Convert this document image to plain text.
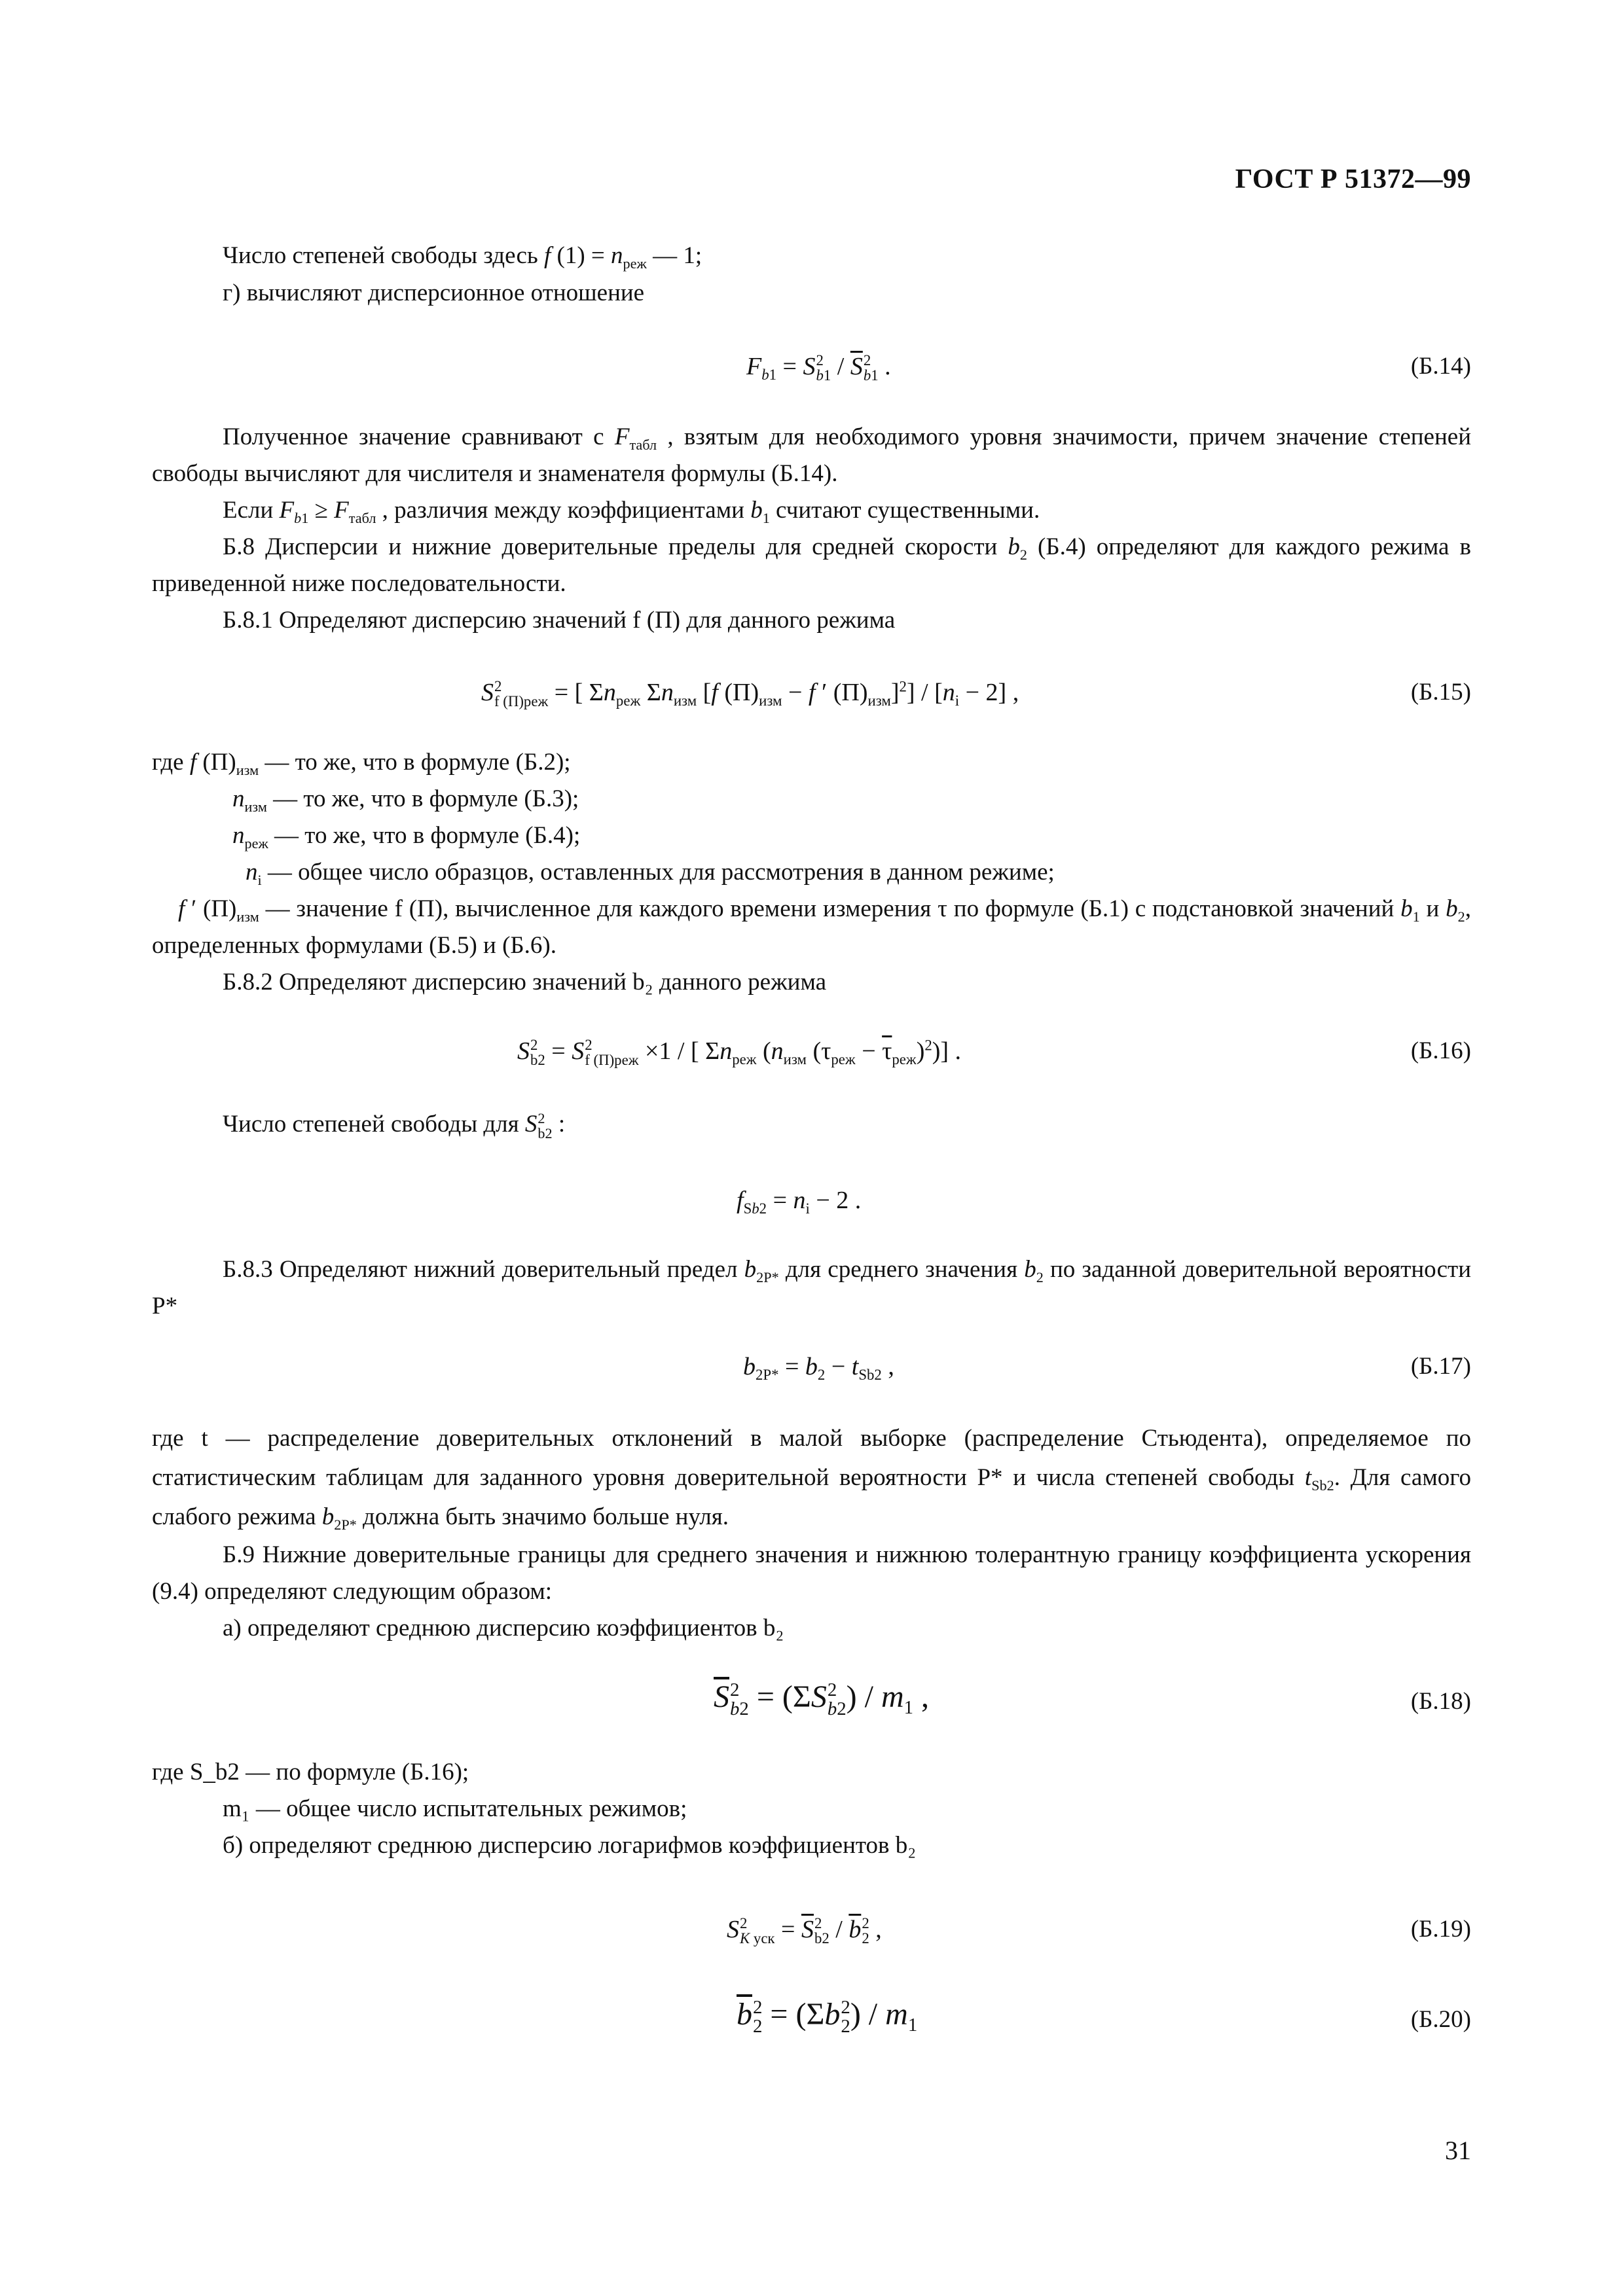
ГОСТ Р 51372—99
Число степеней свободы здесь f $(1) = n_{реж}$ — 1;
г) вычисляют дисперсионное отношение
$F_{b1} = S$ 2
$b1 / \overline{S}$ 2
b1 .	(Б.14)
Полученное значение сравнивают с $F_{табл}$ , взятым для необходимого уровня значимости, причем значение степеней свободы вычисляют для числителя и знаменателя формулы (Б.14).
Если $F_{b1} \ge F_{табл}$ , различия между коэффициентами $b_1$ считают существенными.
Б.8 Дисперсии и нижние доверительные пределы для средней скорости $b_2$ (Б.4) определяют для каждого режима в приведенной ниже последовательности.
Б.8.1 Определяют дисперсию значений f (П) для данного режима
S 2
f (П)реж = [ $\Sigma n_{реж}$ $\Sigma n_{изм}$ [f $(П)_{изм} - f$ ′ $(П)_{изм}]^2] / [n_i - 2]$ ,	(Б.15)
где f $(П)_{изм}$ — то же, что в формуле (Б.2);
$n_{изм}$ — то же, что в формуле (Б.3);
$n_{реж}$ — то же, что в формуле (Б.4);
$n_i$ — общее число образцов, оставленных для рассмотрения в данном режиме;
f ′ $(П)_{изм}$ — значение f (П), вычисленное для каждого времени измерения τ по формуле (Б.1) с подстановкой значений $b_1$ и $b_2$, определенных формулами (Б.5) и (Б.6).
Б.8.2 Определяют дисперсию значений b₂ данного режима
S 2
b2 = S 2
f (П)реж ×1 / [ $\Sigma n_{реж}$ ($n_{изм}$ $(\tau_{реж} - \overline{\tau}_{реж})^2$)] .	(Б.16)
Число степеней свободы для S 2
b2 :
$f_{Sb2} = n_i - 2$ .
Б.8.3 Определяют нижний доверительный предел $b_{2P*}$ для среднего значения $b_2$ по заданной доверительной вероятности P*
$b_{2P*} = b_2 - t_{Sb2}$ ,	(Б.17)
где t — распределение доверительных отклонений в малой выборке (распределение Стьюдента), определяемое по статистическим таблицам для заданного уровня доверительной вероятности P* и числа степеней свободы $t_{Sb2}$. Для самого слабого режима $b_{2P*}$ должна быть значимо больше нуля.
Б.9 Нижние доверительные границы для среднего значения и нижнюю толерантную границу коэффициента ускорения (9.4) определяют следующим образом:
а) определяют среднюю дисперсию коэффициентов b₂
$\overline{S}$ 2
b2 = (ΣS 2
b2 ) / $m_1$ ,	(Б.18)
где S_b2 — по формуле (Б.16);
m₁ — общее число испытательных режимов;
б) определяют среднюю дисперсию логарифмов коэффициентов b₂
S 2
K уск = $\overline{S}$ 2
$b2 / \overline{b}$ 2
2 ,	(Б.19)
$\overline{b}$ 2
2 = (Σb 2
2 ) / $m_1$	(Б.20)
31
